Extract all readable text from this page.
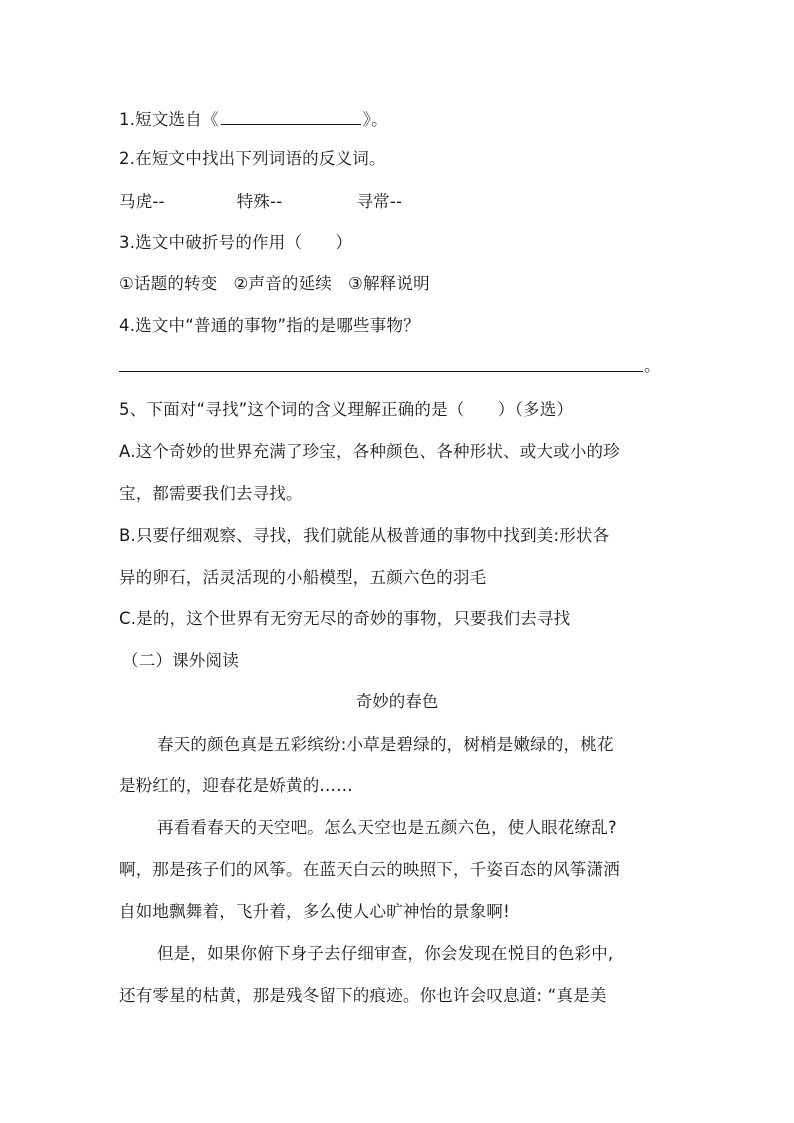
1.短文选自《	》。
2.在短文中找出下列词语的反义词。
马虎--	特殊--	寻常--
3.选文中破折号的作用（　　）
①话题的转变 ②声音的延续 ③解释说明
4.选文中“普通的事物”指的是哪些事物？
。
5、下面对“寻找”这个词的含义理解正确的是（　　）（多选）
A.这个奇妙的世界充满了珍宝，各种颜色、各种形状、或大或小的珍
宝，都需要我们去寻找。
B.只要仔细观察、寻找，我们就能从极普通的事物中找到美:形状各
异的卵石，活灵活现的小船模型，五颜六色的羽毛
C.是的，这个世界有无穷无尽的奇妙的事物，只要我们去寻找
（二）课外阅读
奇妙的春色
春天的颜色真是五彩缤纷:小草是碧绿的，树梢是嫩绿的，桃花
是粉红的，迎春花是娇黄的……
再看看春天的天空吧。怎么天空也是五颜六色，使人眼花缭乱?
啊，那是孩子们的风筝。在蓝天白云的映照下，千姿百态的风筝潇洒
自如地飘舞着，飞升着，多么使人心旷神怡的景象啊!
但是，如果你俯下身子去仔细审查，你会发现在悦目的色彩中,
还有零星的枯黄，那是残冬留下的痕迹。你也许会叹息道: “真是美
